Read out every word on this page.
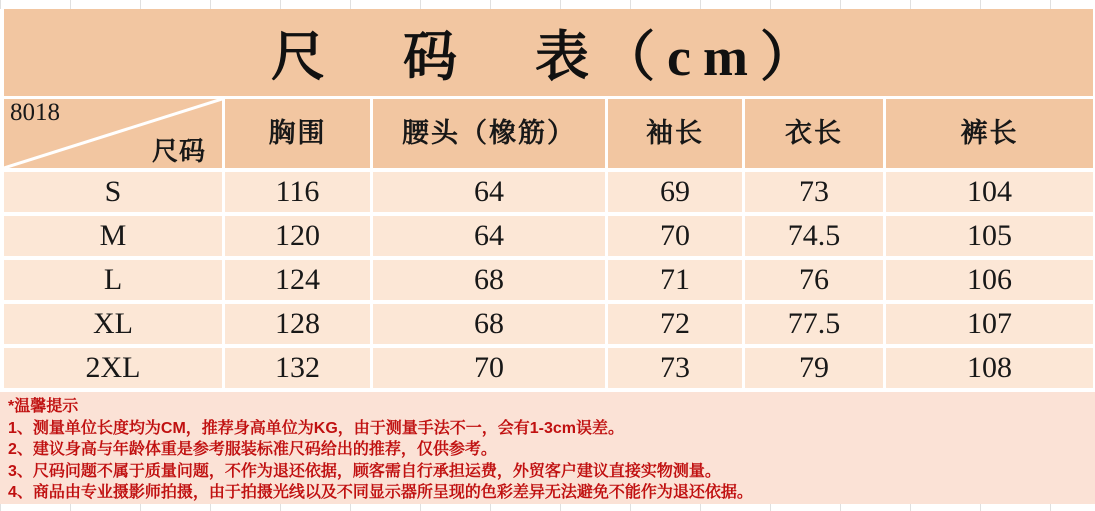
尺　码　表（cm）
8018
尺码
胸围	腰头（橡筋）	袖长	衣长	裤长
S	116	64	69	73	104
M	120	64	70	74.5	105
L	124	68	71	76	106
XL	128	68	72	77.5	107
2XL	132	70	73	79	108
*温馨提示
1、测量单位长度均为CM，推荐身高单位为KG，由于测量手法不一，会有1-3cm误差。
2、建议身高与年龄体重是参考服装标准尺码给出的推荐，仅供参考。
3、尺码问题不属于质量问题，不作为退还依据，顾客需自行承担运费，外贸客户建议直接实物测量。
4、商品由专业摄影师拍摄，由于拍摄光线以及不同显示器所呈现的色彩差异无法避免不能作为退还依据。
